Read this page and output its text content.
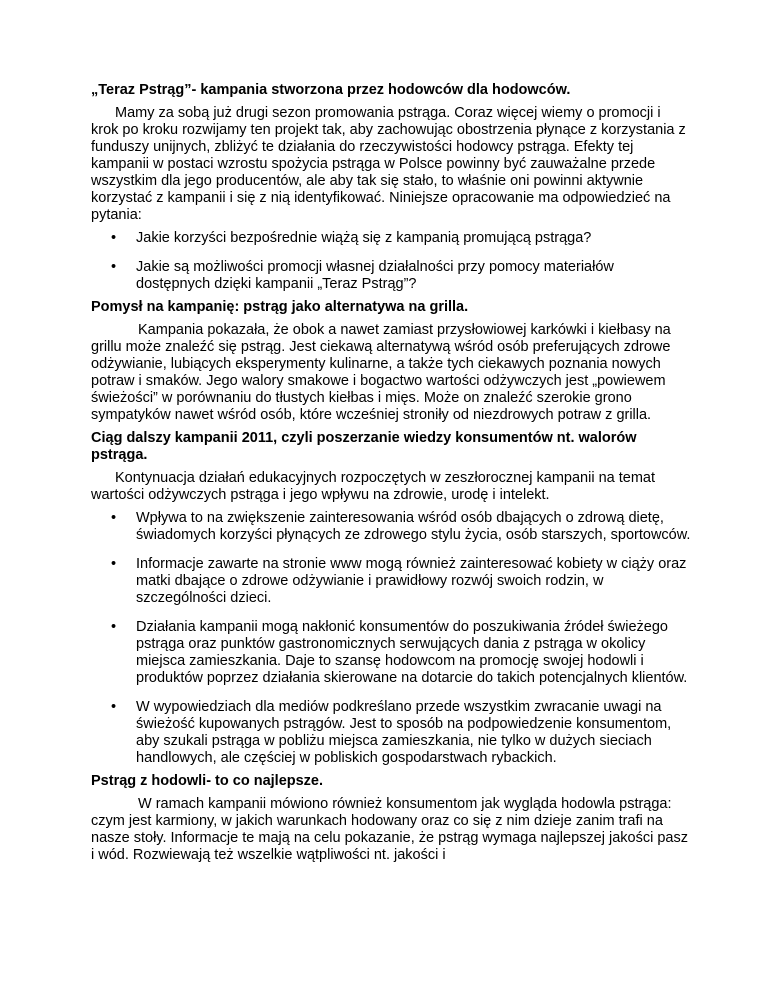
„Teraz Pstrąg”- kampania stworzona przez hodowców dla hodowców.

Mamy za sobą już drugi sezon promowania pstrąga. Coraz więcej wiemy o promocji i krok po kroku rozwijamy ten projekt tak, aby zachowując obostrzenia płynące z korzystania z funduszy unijnych, zbliżyć te działania do rzeczywistości hodowcy pstrąga. Efekty tej kampanii w postaci wzrostu spożycia pstrąga w Polsce powinny być zauważalne przede wszystkim dla jego producentów, ale aby tak się stało, to właśnie oni powinni aktywnie korzystać z kampanii i się z nią identyfikować. Niniejsze opracowanie ma odpowiedzieć na pytania:

• Jakie korzyści bezpośrednie wiążą się z kampanią promującą pstrąga?
• Jakie są możliwości promocji własnej działalności przy pomocy materiałów dostępnych dzięki kampanii „Teraz Pstrąg”?

Pomysł na kampanię: pstrąg jako alternatywa na grilla.

Kampania pokazała, że obok a nawet zamiast przysłowiowej karkówki i kiełbasy na grillu może znaleźć się pstrąg. Jest ciekawą alternatywą wśród osób preferujących zdrowe odżywianie, lubiących eksperymenty kulinarne, a także tych ciekawych poznania nowych potraw i smaków. Jego walory smakowe i bogactwo wartości odżywczych jest „powiewem świeżości” w porównaniu do tłustych kiełbas i mięs. Może on znaleźć szerokie grono sympatyków nawet wśród osób, które wcześniej stroniły od niezdrowych potraw z grilla.

Ciąg dalszy kampanii 2011, czyli poszerzanie wiedzy konsumentów nt. walorów pstrąga.

Kontynuacja działań edukacyjnych rozpoczętych w zeszłorocznej kampanii na temat wartości odżywczych pstrąga i jego wpływu na zdrowie, urodę i intelekt.

• Wpływa to na zwiększenie zainteresowania wśród osób dbających o zdrową dietę, świadomych korzyści płynących ze zdrowego stylu życia, osób starszych, sportowców.
• Informacje zawarte na stronie www mogą również zainteresować kobiety w ciąży oraz matki dbające o zdrowe odżywianie i prawidłowy rozwój swoich rodzin, w szczególności dzieci.
• Działania kampanii mogą nakłonić konsumentów do poszukiwania źródeł świeżego pstrąga oraz punktów gastronomicznych serwujących dania z pstrąga w okolicy miejsca zamieszkania. Daje to szansę hodowcom na promocję swojej hodowli i produktów poprzez działania skierowane na dotarcie do takich potencjalnych klientów.
• W wypowiedziach dla mediów podkreślano przede wszystkim zwracanie uwagi na świeżość kupowanych pstrągów. Jest to sposób na podpowiedzenie konsumentom, aby szukali pstrąga w pobliżu miejsca zamieszkania, nie tylko w dużych sieciach handlowych, ale częściej w pobliskich gospodarstwach rybackich.

Pstrąg z hodowli- to co najlepsze.

W ramach kampanii mówiono również konsumentom jak wygląda hodowla pstrąga: czym jest karmiony, w jakich warunkach hodowany oraz co się z nim dzieje zanim trafi na nasze stoły. Informacje te mają na celu pokazanie, że pstrąg wymaga najlepszej jakości pasz i wód. Rozwiewają też wszelkie wątpliwości nt. jakości i
